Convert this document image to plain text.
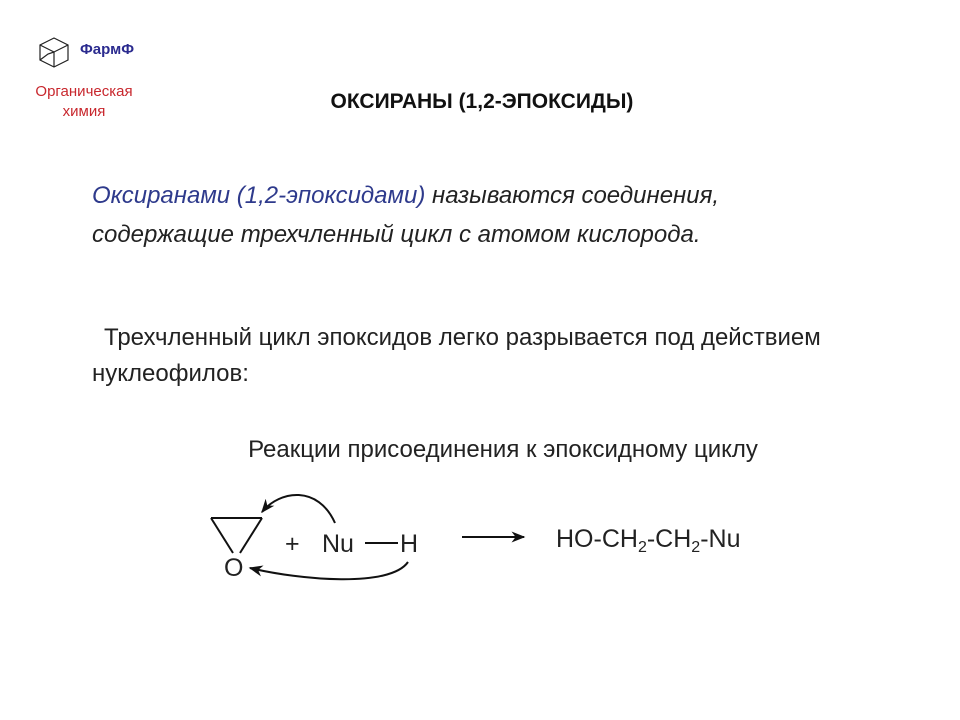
ФармФ
Органическая
химия	ОКСИРАНЫ (1,2-ЭПОКСИДЫ)
Оксиранами (1,2-эпоксидами) называются соединения, содержащие трехчленный цикл с атомом кислорода.
Трехчленный цикл эпоксидов легко разрывается под действием нуклеофилов:
Реакции присоединения к эпоксидному циклу
O
+ Nu H	$HO-CH_2-CH_2-Nu$
